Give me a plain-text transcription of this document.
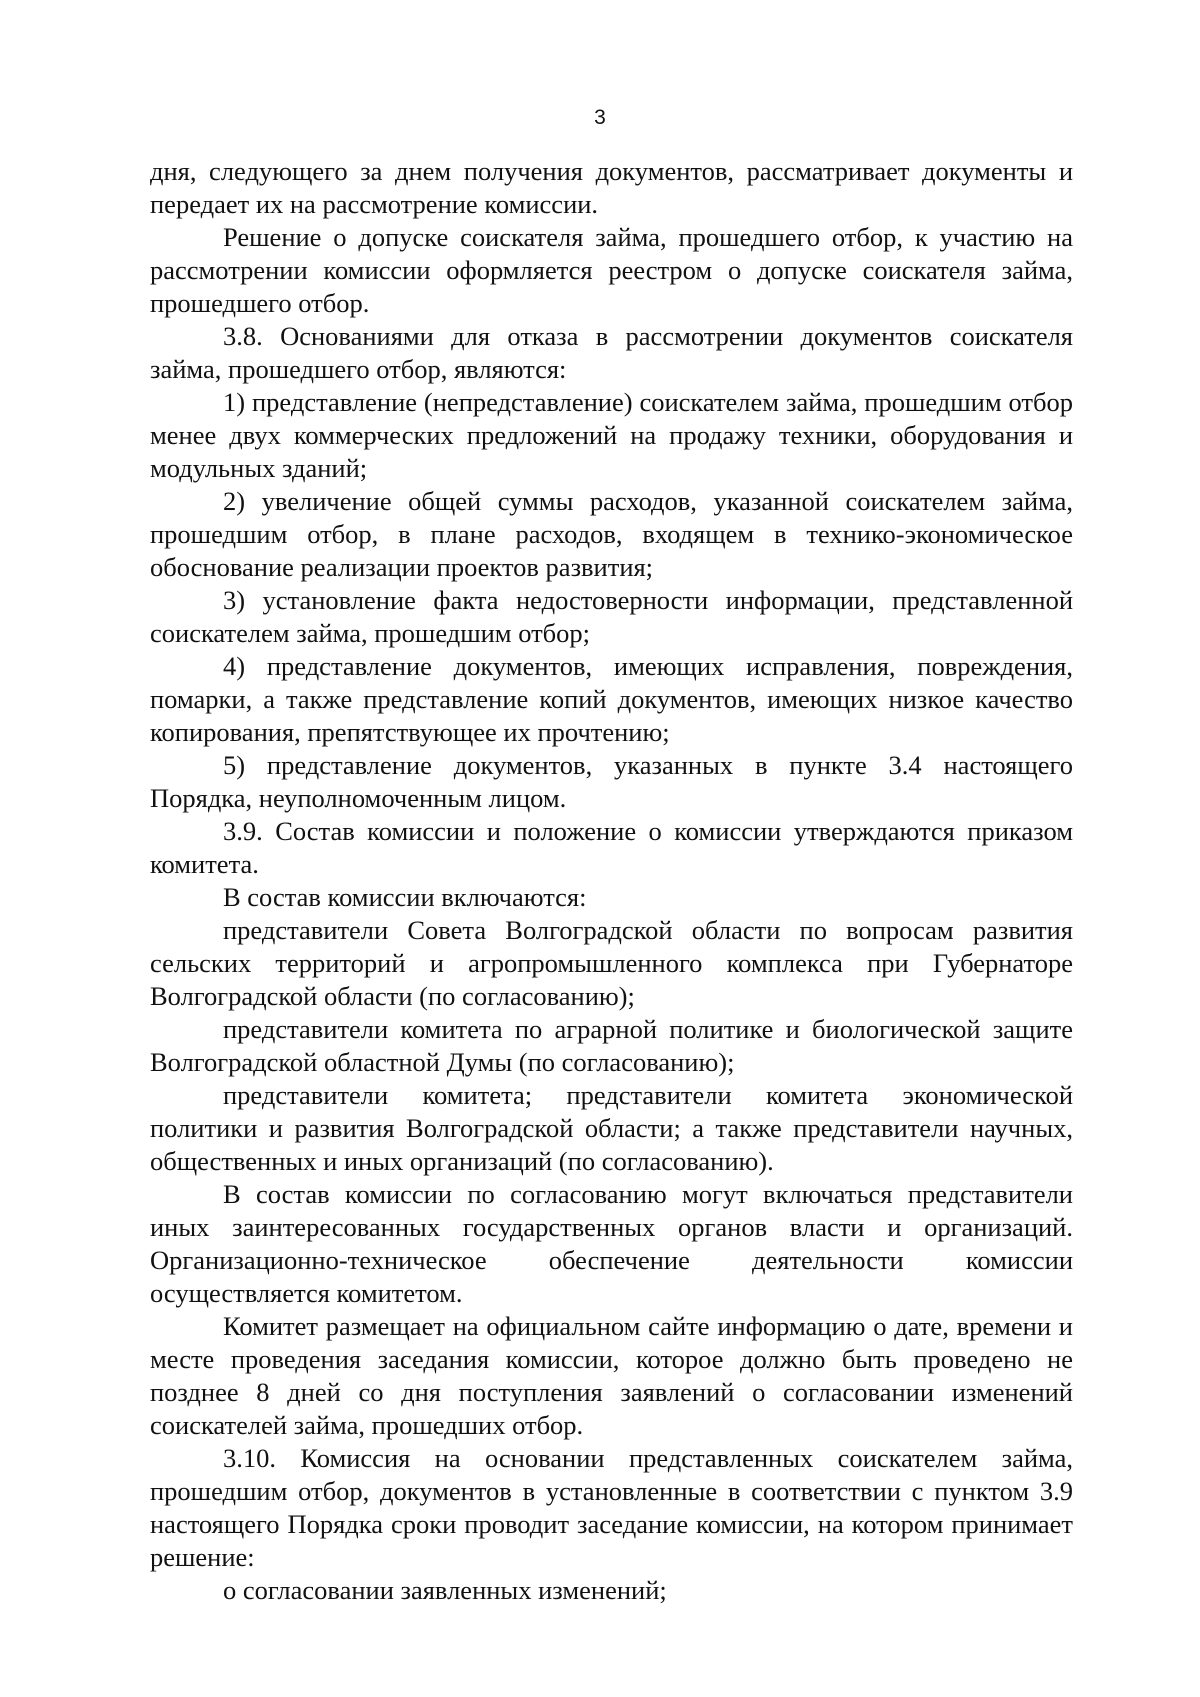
3

дня, следующего за днем получения документов, рассматривает документы и передает их на рассмотрение комиссии.

Решение о допуске соискателя займа, прошедшего отбор, к участию на рассмотрении комиссии оформляется реестром о допуске соискателя займа, прошедшего отбор.

3.8. Основаниями для отказа в рассмотрении документов соискателя займа, прошедшего отбор, являются:

1) представление (непредставление) соискателем займа, прошедшим отбор менее двух коммерческих предложений на продажу техники, оборудования и модульных зданий;

2) увеличение общей суммы расходов, указанной соискателем займа, прошедшим отбор, в плане расходов, входящем в технико-экономическое обоснование реализации проектов развития;

3) установление факта недостоверности информации, представленной соискателем займа, прошедшим отбор;

4) представление документов, имеющих исправления, повреждения, помарки, а также представление копий документов, имеющих низкое качество копирования, препятствующее их прочтению;

5) представление документов, указанных в пункте 3.4 настоящего Порядка, неуполномоченным лицом.

3.9. Состав комиссии и положение о комиссии утверждаются приказом комитета.

В состав комиссии включаются:

представители Совета Волгоградской области по вопросам развития сельских территорий и агропромышленного комплекса при Губернаторе Волгоградской области (по согласованию);

представители комитета по аграрной политике и биологической защите Волгоградской областной Думы (по согласованию);

представители комитета; представители комитета экономической политики и развития Волгоградской области; а также представители научных, общественных и иных организаций (по согласованию).

В состав комиссии по согласованию могут включаться представители иных заинтересованных государственных органов власти и организаций. Организационно-техническое обеспечение деятельности комиссии осуществляется комитетом.

Комитет размещает на официальном сайте информацию о дате, времени и месте проведения заседания комиссии, которое должно быть проведено не позднее 8 дней со дня поступления заявлений о согласовании изменений соискателей займа, прошедших отбор.

3.10. Комиссия на основании представленных соискателем займа, прошедшим отбор, документов в установленные в соответствии с пунктом 3.9 настоящего Порядка сроки проводит заседание комиссии, на котором принимает решение:

о согласовании заявленных изменений;
